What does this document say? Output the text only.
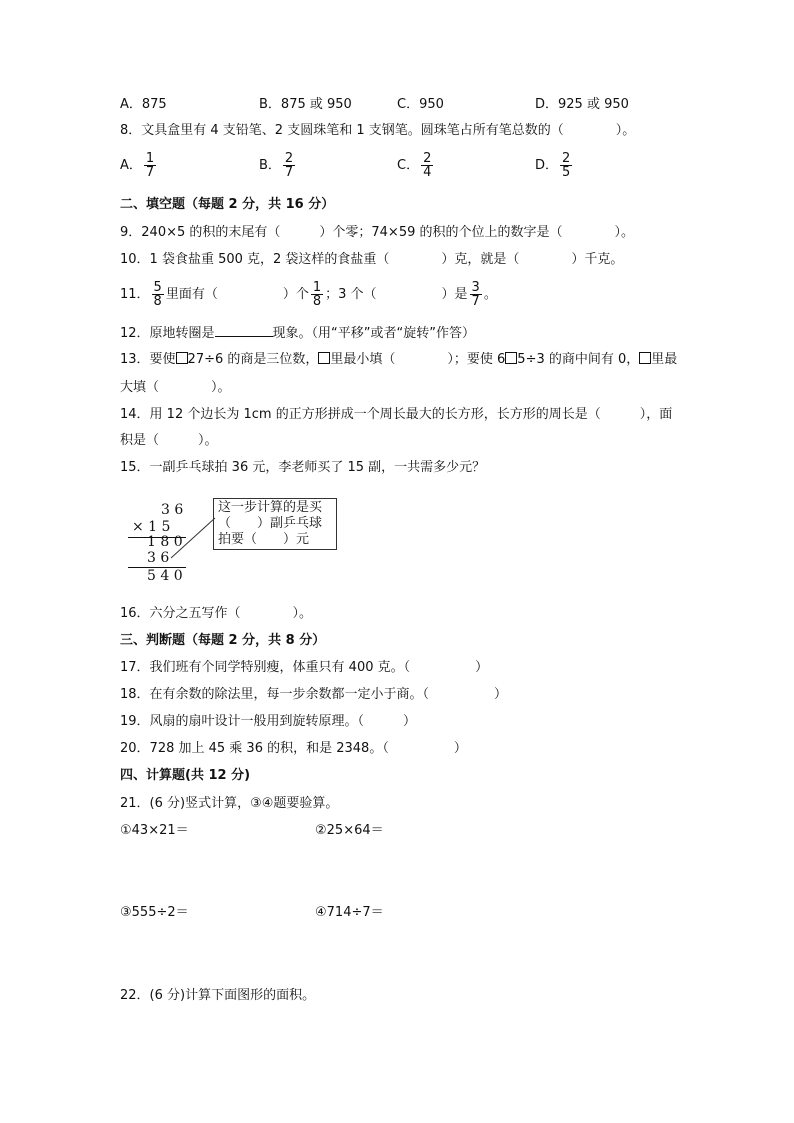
A．875	B．875 或 950	C．950	D．925 或 950
8．文具盒里有 4 支铅笔、2 支圆珠笔和 1 支钢笔。圆珠笔占所有笔总数的（　　　　）。
A． $\frac{1}{7}$	B． $\frac{2}{7}$	C． $\frac{2}{4}$	D． $\frac{2}{5}$
二、填空题（每题 2 分，共 16 分）
9．240×5 的积的末尾有（　　　）个零；74×59 的积的个位上的数字是（　　　　）。
10．1 袋食盐重 500 克，2 袋这样的食盐重（　　　　）克，就是（　　　　）千克。
11． $\frac{5}{8}$ 里面有（　　　　　）个 $\frac{1}{8}$ ；3 个（　　　　　）是 $\frac{3}{7}$ 。
12．原地转圈是	现象。（用“平移”或者“旋转”作答）
13．要使 27÷6 的商是三位数， 里最小填（　　　　）；要使 6 5÷3 的商中间有 0， 里最
大填（　　　　）。
14．用 12 个边长为 1cm 的正方形拼成一个周长最大的长方形，长方形的周长是（　　　），面
积是（　　　）。
15．一副乒乓球拍 36 元，李老师买了 15 副，一共需多少元？
3 6
× 1 5
1 8 0
3 6
5 4 0
这一步计算的是买
（　　）副乒乓球
拍要（　　）元
16．六分之五写作（　　　　）。
三、判断题（每题 2 分，共 8 分）
17．我们班有个同学特别瘦，体重只有 400 克。（　　　　　）
18．在有余数的除法里，每一步余数都一定小于商。（　　　　　）
19．风扇的扇叶设计一般用到旋转原理。（　　　）
20．728 加上 45 乘 36 的积，和是 2348。（　　　　　）
四、计算题(共 12 分)
21．(6 分)竖式计算，③④题要验算。
①43×21＝	②25×64＝
③555÷2＝	④714÷7＝
22．(6 分)计算下面图形的面积。
